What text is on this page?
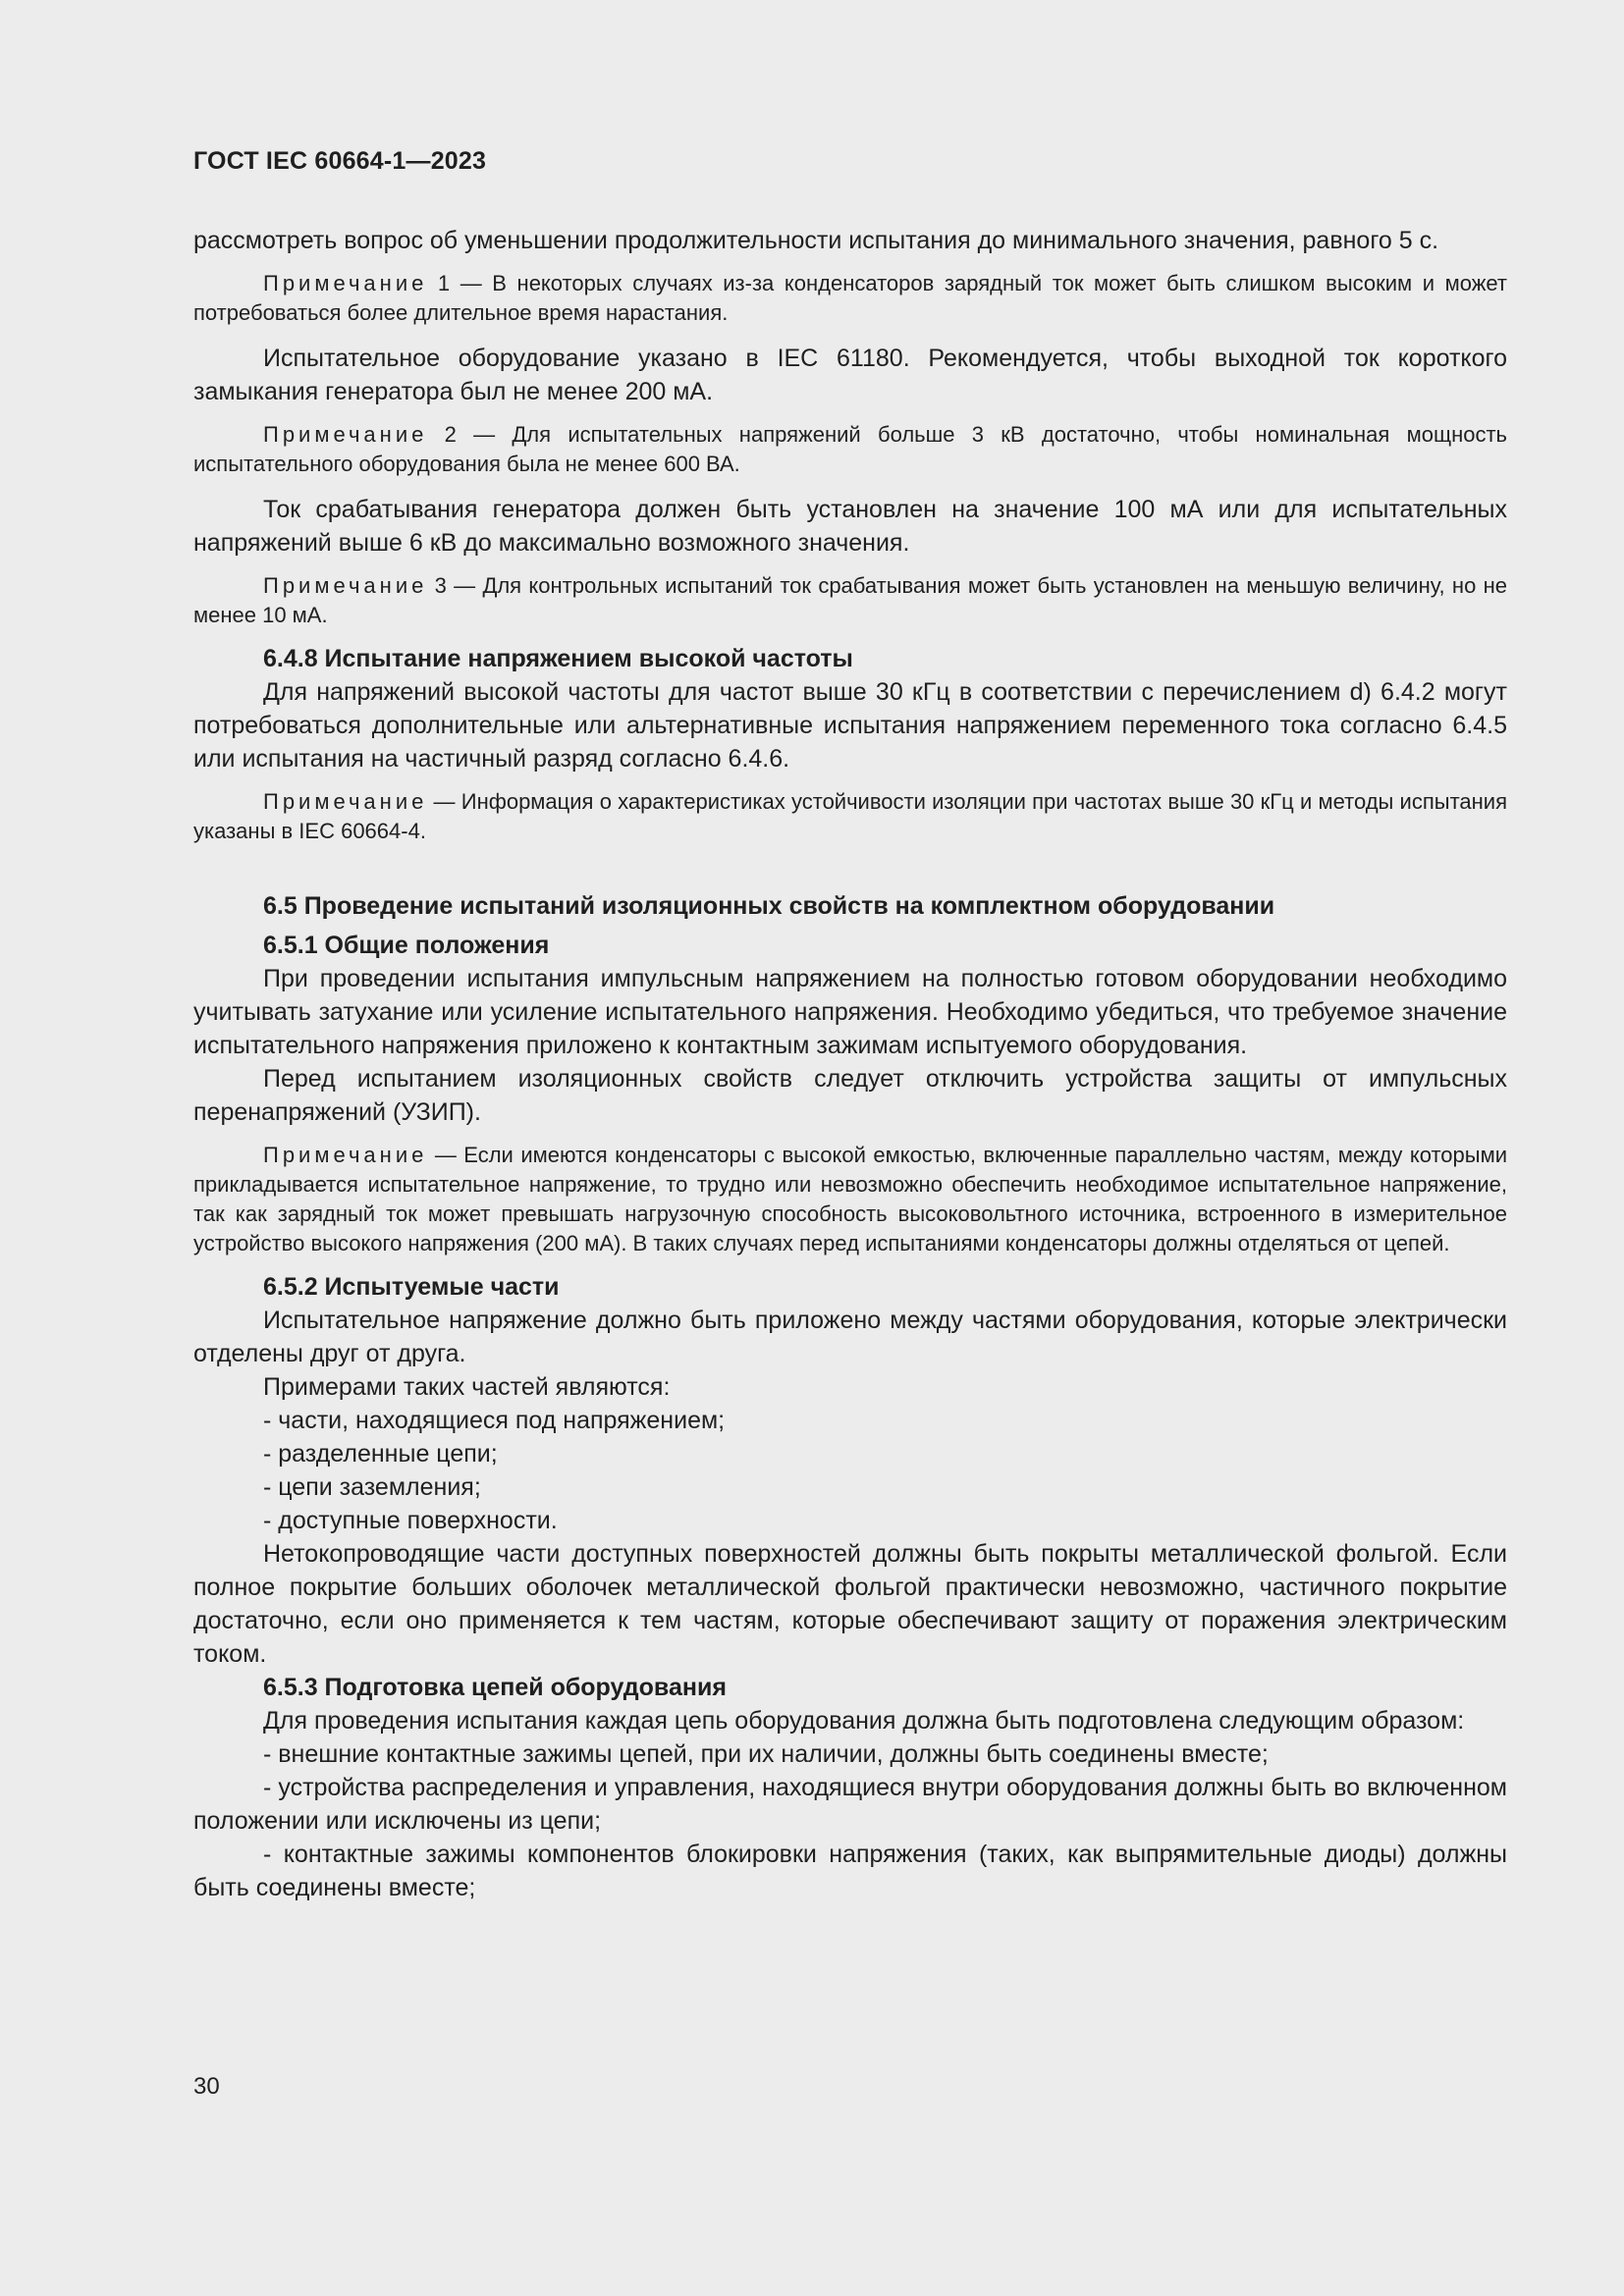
ГОСТ IEC 60664-1—2023

рассмотреть вопрос об уменьшении продолжительности испытания до минимального значения, равного 5 с.

Примечание 1 — В некоторых случаях из-за конденсаторов зарядный ток может быть слишком высоким и может потребоваться более длительное время нарастания.

Испытательное оборудование указано в IEC 61180. Рекомендуется, чтобы выходной ток короткого замыкания генератора был не менее 200 мА.

Примечание 2 — Для испытательных напряжений больше 3 кВ достаточно, чтобы номинальная мощность испытательного оборудования была не менее 600 ВА.

Ток срабатывания генератора должен быть установлен на значение 100 мА или для испытательных напряжений выше 6 кВ до максимально возможного значения.

Примечание 3 — Для контрольных испытаний ток срабатывания может быть установлен на меньшую величину, но не менее 10 мА.

6.4.8 Испытание напряжением высокой частоты

Для напряжений высокой частоты для частот выше 30 кГц в соответствии с перечислением d) 6.4.2 могут потребоваться дополнительные или альтернативные испытания напряжением переменного тока согласно 6.4.5 или испытания на частичный разряд согласно 6.4.6.

Примечание — Информация о характеристиках устойчивости изоляции при частотах выше 30 кГц и методы испытания указаны в IEC 60664-4.

6.5 Проведение испытаний изоляционных свойств на комплектном оборудовании

6.5.1 Общие положения

При проведении испытания импульсным напряжением на полностью готовом оборудовании необходимо учитывать затухание или усиление испытательного напряжения. Необходимо убедиться, что требуемое значение испытательного напряжения приложено к контактным зажимам испытуемого оборудования.

Перед испытанием изоляционных свойств следует отключить устройства защиты от импульсных перенапряжений (УЗИП).

Примечание — Если имеются конденсаторы с высокой емкостью, включенные параллельно частям, между которыми прикладывается испытательное напряжение, то трудно или невозможно обеспечить необходимое испытательное напряжение, так как зарядный ток может превышать нагрузочную способность высоковольтного источника, встроенного в измерительное устройство высокого напряжения (200 мА). В таких случаях перед испытаниями конденсаторы должны отделяться от цепей.

6.5.2 Испытуемые части

Испытательное напряжение должно быть приложено между частями оборудования, которые электрически отделены друг от друга.

Примерами таких частей являются:

- части, находящиеся под напряжением;

- разделенные цепи;

- цепи заземления;

- доступные поверхности.

Нетокопроводящие части доступных поверхностей должны быть покрыты металлической фольгой. Если полное покрытие больших оболочек металлической фольгой практически невозможно, частичного покрытие достаточно, если оно применяется к тем частям, которые обеспечивают защиту от поражения электрическим током.

6.5.3 Подготовка цепей оборудования

Для проведения испытания каждая цепь оборудования должна быть подготовлена следующим образом:

- внешние контактные зажимы цепей, при их наличии, должны быть соединены вместе;

- устройства распределения и управления, находящиеся внутри оборудования должны быть во включенном положении или исключены из цепи;

- контактные зажимы компонентов блокировки напряжения (таких, как выпрямительные диоды) должны быть соединены вместе;

30
